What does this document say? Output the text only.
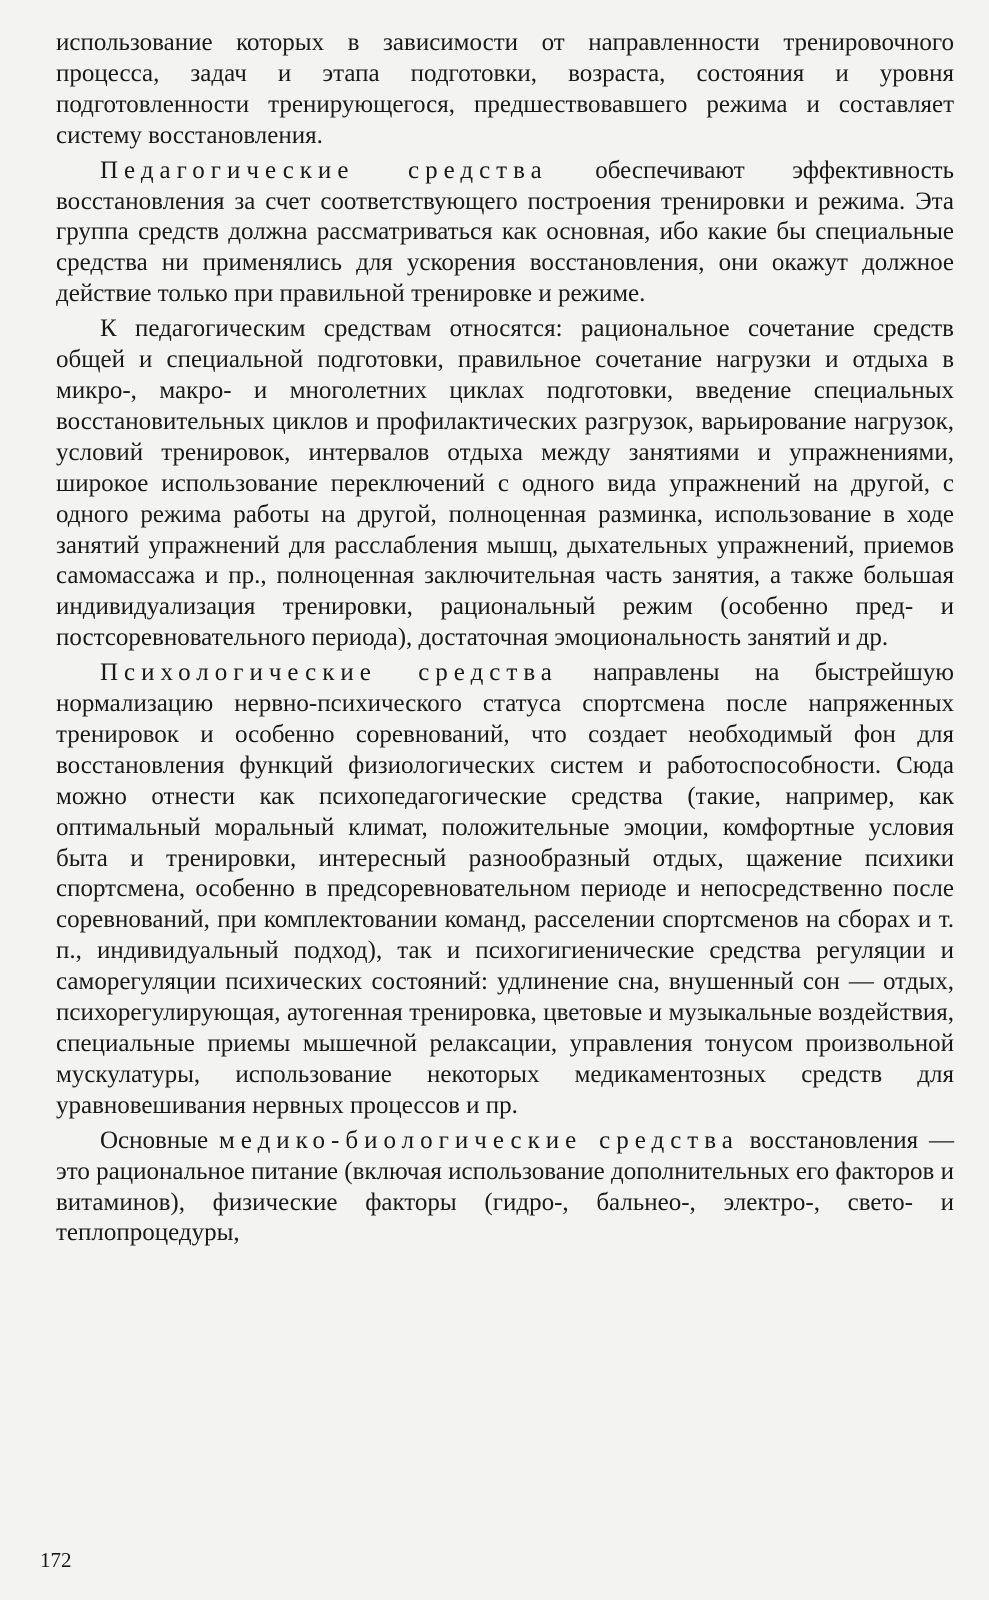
использование которых в зависимости от направленности тренировочного процесса, задач и этапа подготовки, возраста, состояния и уровня подготовленности тренирующегося, предшествовавшего режима и составляет систему восстановления.

Педагогические средства обеспечивают эффективность восстановления за счет соответствующего построения тренировки и режима. Эта группа средств должна рассматриваться как основная, ибо какие бы специальные средства ни применялись для ускорения восстановления, они окажут должное действие только при правильной тренировке и режиме.

К педагогическим средствам относятся: рациональное сочетание средств общей и специальной подготовки, правильное сочетание нагрузки и отдыха в микро-, макро- и многолетних циклах подготовки, введение специальных восстановительных циклов и профилактических разгрузок, варьирование нагрузок, условий тренировок, интервалов отдыха между занятиями и упражнениями, широкое использование переключений с одного вида упражнений на другой, с одного режима работы на другой, полноценная разминка, использование в ходе занятий упражнений для расслабления мышц, дыхательных упражнений, приемов самомассажа и пр., полноценная заключительная часть занятия, а также большая индивидуализация тренировки, рациональный режим (особенно пред- и постсоревновательного периода), достаточная эмоциональность занятий и др.

Психологические средства направлены на быстрейшую нормализацию нервно-психического статуса спортсмена после напряженных тренировок и особенно соревнований, что создает необходимый фон для восстановления функций физиологических систем и работоспособности. Сюда можно отнести как психопедагогические средства (такие, например, как оптимальный моральный климат, положительные эмоции, комфортные условия быта и тренировки, интересный разнообразный отдых, щажение психики спортсмена, особенно в предсоревновательном периоде и непосредственно после соревнований, при комплектовании команд, расселении спортсменов на сборах и т. п., индивидуальный подход), так и психогигиенические средства регуляции и саморегуляции психических состояний: удлинение сна, внушенный сон — отдых, психорегулирующая, аутогенная тренировка, цветовые и музыкальные воздействия, специальные приемы мышечной релаксации, управления тонусом произвольной мускулатуры, использование некоторых медикаментозных средств для уравновешивания нервных процессов и пр.

Основные медико-биологические средства восстановления — это рациональное питание (включая использование дополнительных его факторов и витаминов), физические факторы (гидро-, бальнео-, электро-, свето- и теплопроцедуры,

172
